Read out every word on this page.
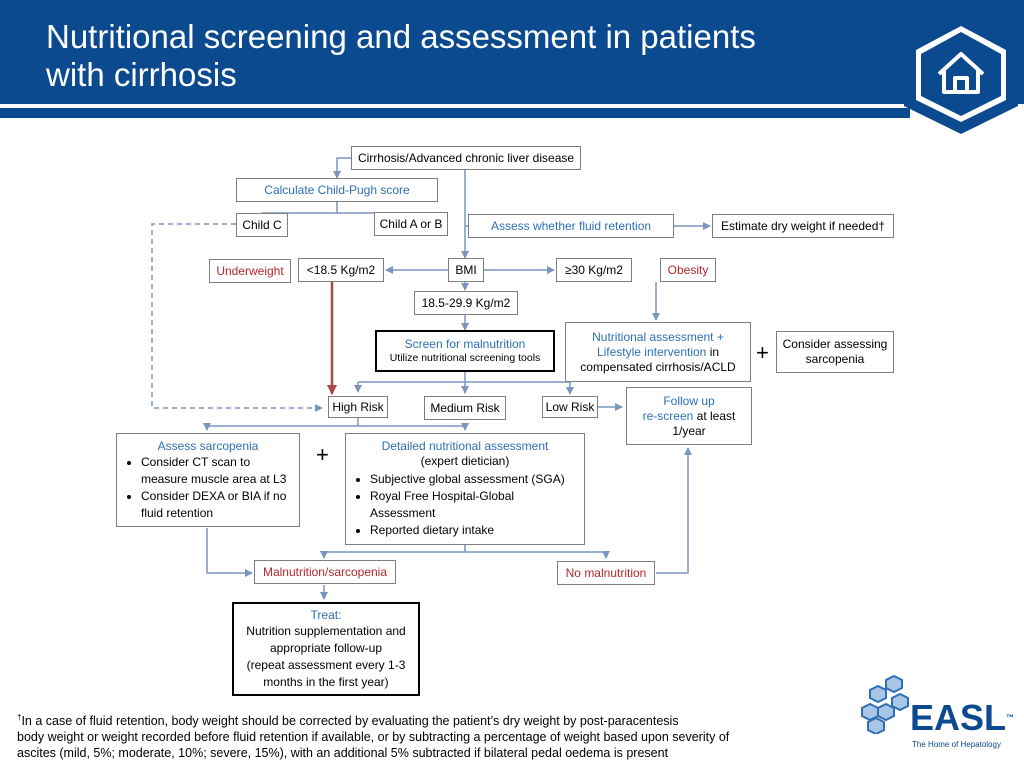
Nutritional screening and assessment in patients
with cirrhosis
Cirrhosis/Advanced chronic liver disease
Calculate Child-Pugh score
Child C	Child A or B	Assess whether fluid retention	Estimate dry weight if needed†
Underweight <18.5 Kg/m2	BMI	≥30 Kg/m2	Obesity
18.5-29.9 Kg/m2
Screen for malnutrition
Utilize nutritional screening tools
Nutritional assessment +
Lifestyle intervention in
compensated cirrhosis/ACLD
+ Consider assessing
sarcopenia
High Risk	Medium Risk	Low Risk	Follow up
re-screen at least
1/year
Assess sarcopenia
• Consider CT scan to measure muscle area at L3
• Consider DEXA or BIA if no fluid retention
+	Detailed nutritional assessment
(expert dietician)
• Subjective global assessment (SGA)
• Royal Free Hospital-Global Assessment
• Reported dietary intake
Malnutrition/sarcopenia	No malnutrition
Treat:
Nutrition supplementation and
appropriate follow-up
(repeat assessment every 1-3
months in the first year)
†In a case of fluid retention, body weight should be corrected by evaluating the patient’s dry weight by post-paracentesis
body weight or weight recorded before fluid retention if available, or by subtracting a percentage of weight based upon severity of
ascites (mild, 5%; moderate, 10%; severe, 15%), with an additional 5% subtracted if bilateral pedal oedema is present
EASL™
The Home of Hepatology
